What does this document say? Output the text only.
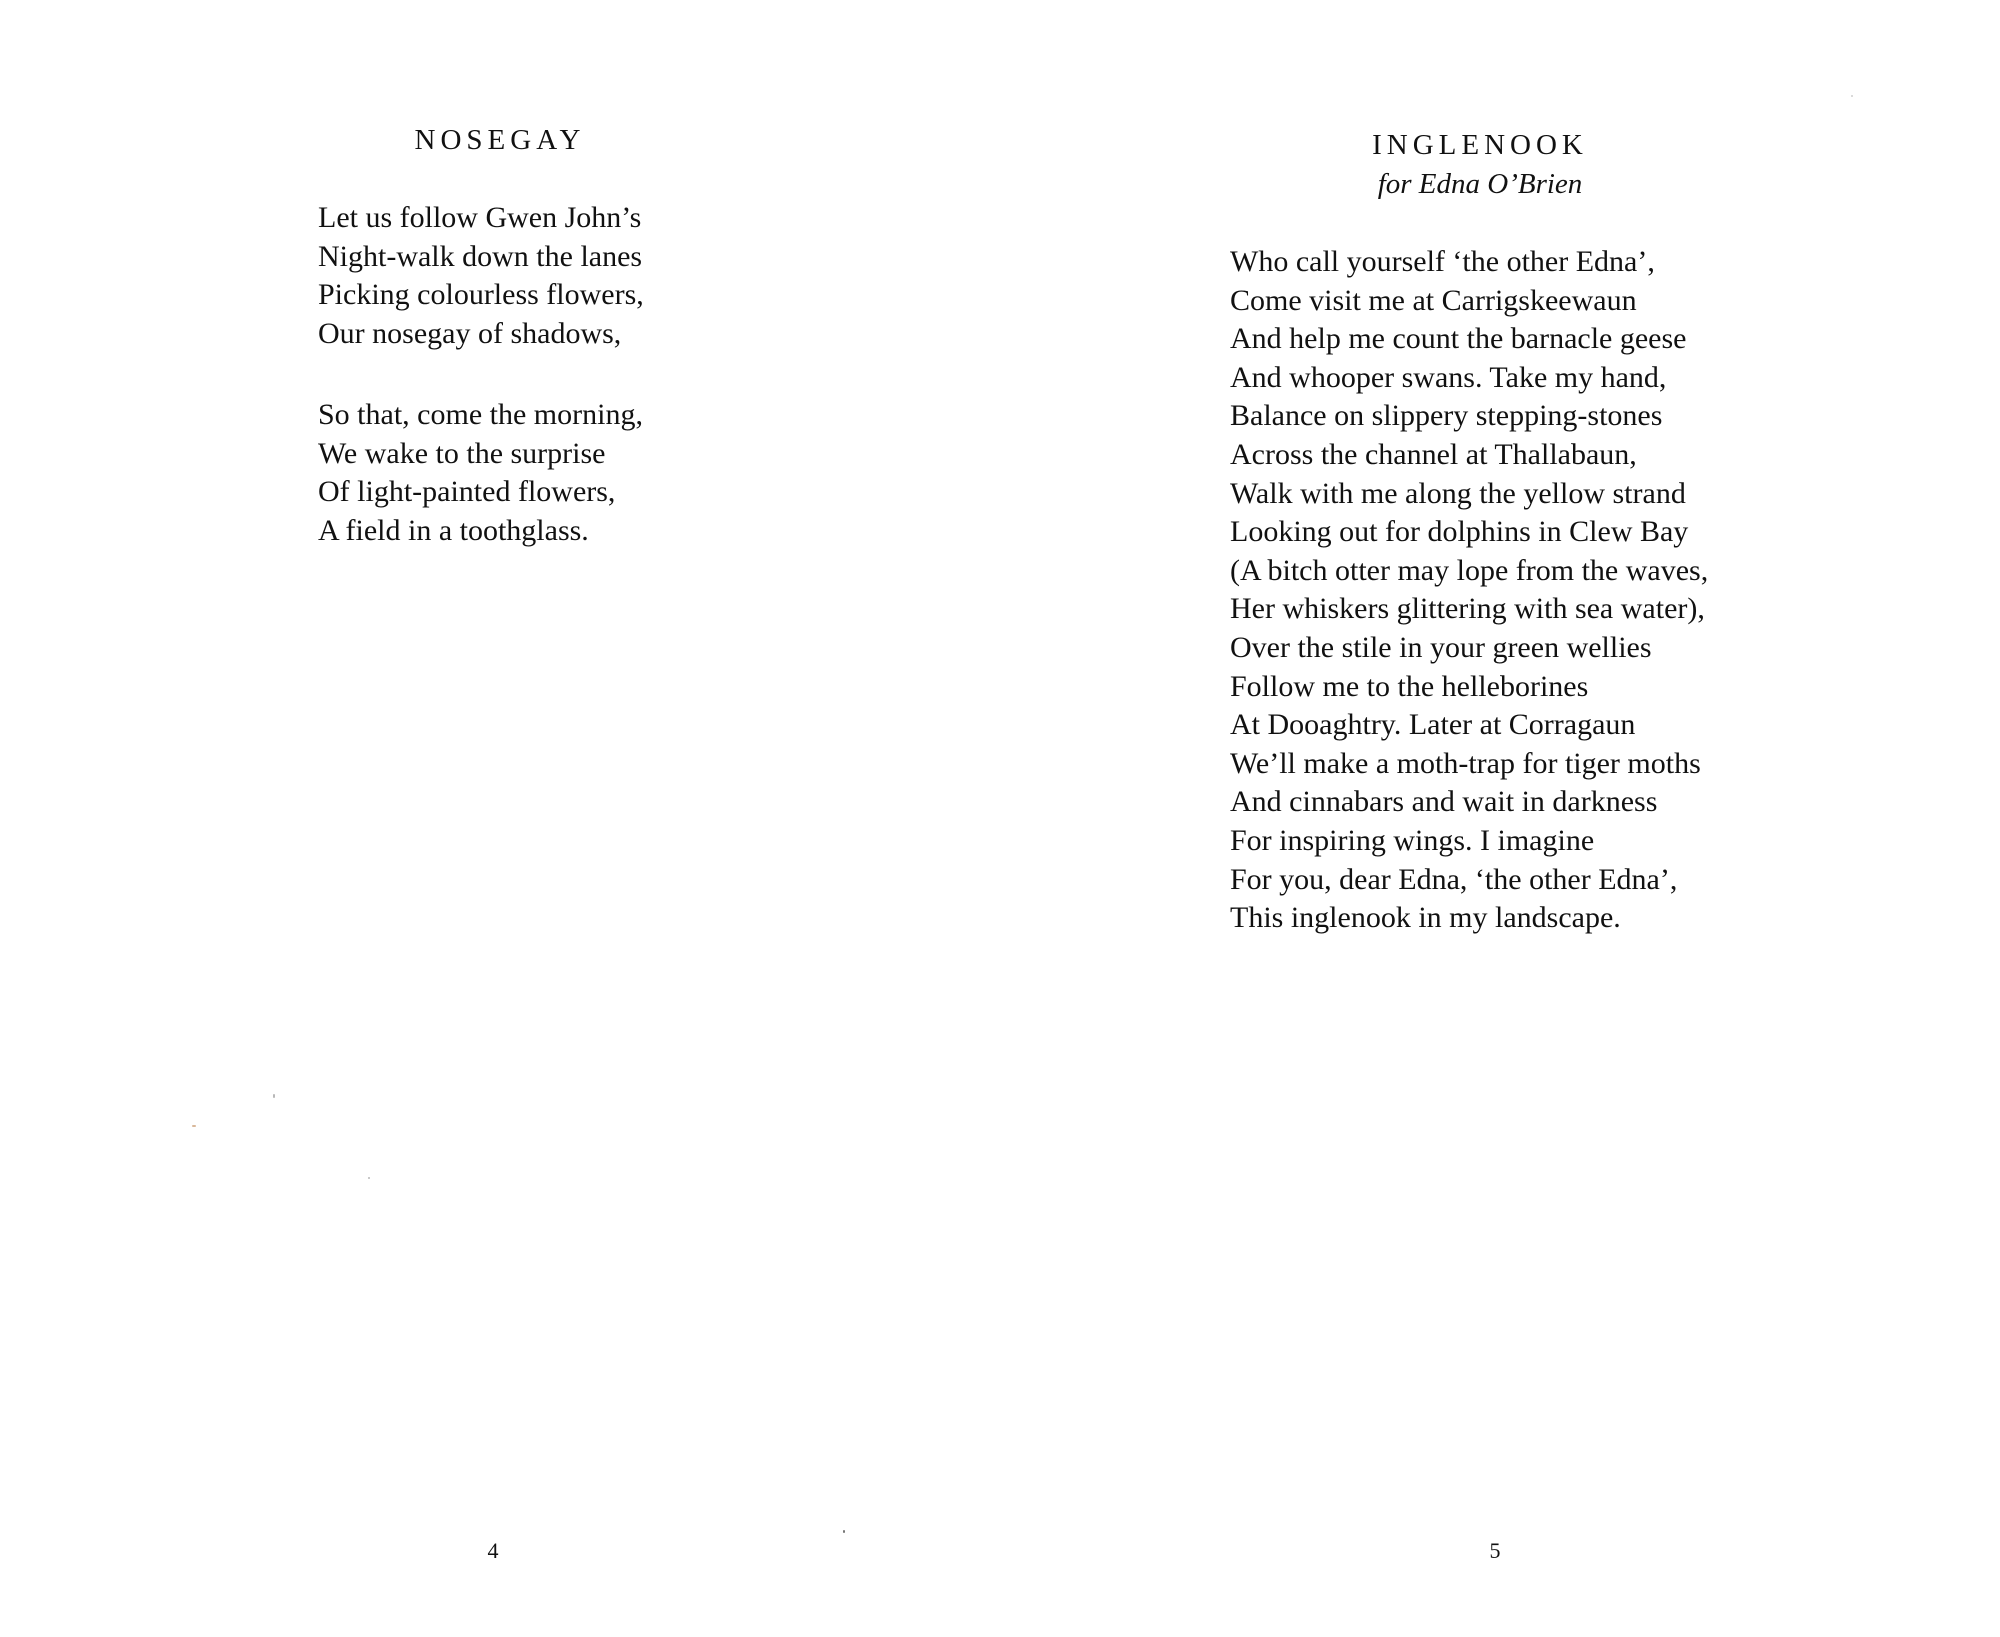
NOSEGAY
Let us follow Gwen John’s
Night-walk down the lanes
Picking colourless flowers,
Our nosegay of shadows,
So that, come the morning,
We wake to the surprise
Of light-painted flowers,
A field in a toothglass.
4
INGLENOOK
for Edna O’Brien
Who call yourself ‘the other Edna’,
Come visit me at Carrigskeewaun
And help me count the barnacle geese
And whooper swans. Take my hand,
Balance on slippery stepping-stones
Across the channel at Thallabaun,
Walk with me along the yellow strand
Looking out for dolphins in Clew Bay
(A bitch otter may lope from the waves,
Her whiskers glittering with sea water),
Over the stile in your green wellies
Follow me to the helleborines
At Dooaghtry. Later at Corragaun
We’ll make a moth-trap for tiger moths
And cinnabars and wait in darkness
For inspiring wings. I imagine
For you, dear Edna, ‘the other Edna’,
This inglenook in my landscape.
5
